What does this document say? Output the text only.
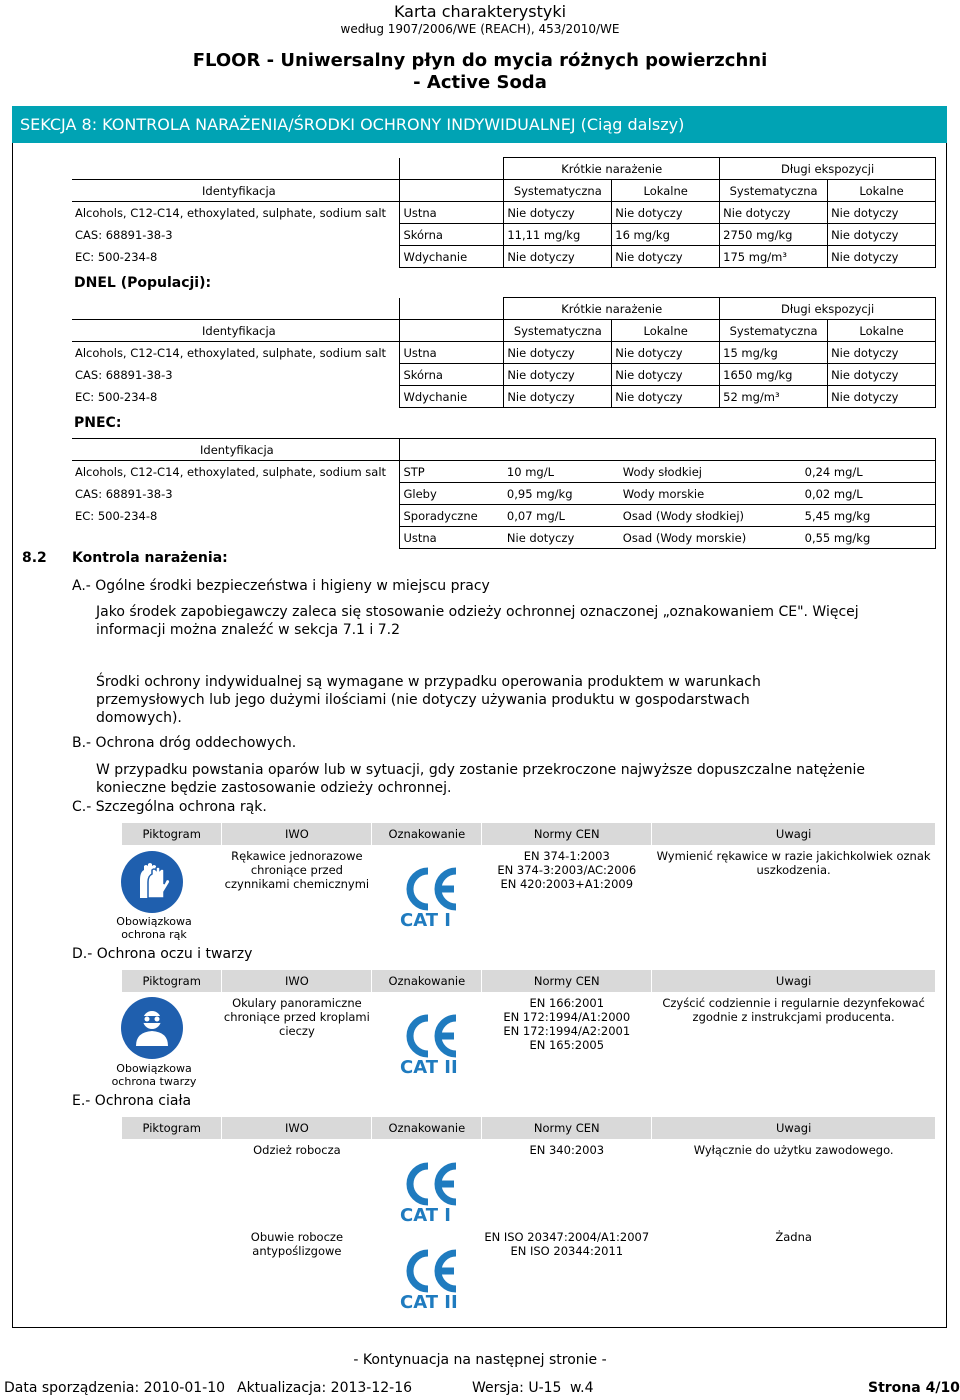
Karta charakterystyki
według 1907/2006/WE (REACH), 453/2010/WE
FLOOR - Uniwersalny płyn do mycia różnych powierzchni
- Active Soda
SEKCJA 8: KONTROLA NARAŻENIA/ŚRODKI OCHRONY INDYWIDUALNEJ (Ciąg dalszy)
		Krótkie narażenie		Długi ekspozycji	
Identyfikacja		Systematyczna	Lokalne	Systematyczna	Lokalne
Alcohols, C12-C14, ethoxylated, sulphate, sodium salt	Ustna	Nie dotyczy	Nie dotyczy	Nie dotyczy	Nie dotyczy
CAS: 68891-38-3	Skórna	11,11 mg/kg	16 mg/kg	2750 mg/kg	Nie dotyczy
EC: 500-234-8	Wdychanie	Nie dotyczy	Nie dotyczy	175 mg/m³	Nie dotyczy
DNEL (Populacji):
		Krótkie narażenie		Długi ekspozycji	
Identyfikacja		Systematyczna	Lokalne	Systematyczna	Lokalne
Alcohols, C12-C14, ethoxylated, sulphate, sodium salt	Ustna	Nie dotyczy	Nie dotyczy	15 mg/kg	Nie dotyczy
CAS: 68891-38-3	Skórna	Nie dotyczy	Nie dotyczy	1650 mg/kg	Nie dotyczy
EC: 500-234-8	Wdychanie	Nie dotyczy	Nie dotyczy	52 mg/m³	Nie dotyczy
PNEC:
Identyfikacja				
Alcohols, C12-C14, ethoxylated, sulphate, sodium salt	STP	10 mg/L	Wody słodkiej	0,24 mg/L
CAS: 68891-38-3	Gleby	0,95 mg/kg	Wody morskie	0,02 mg/L
EC: 500-234-8	Sporadyczne	0,07 mg/L	Osad (Wody słodkiej)	5,45 mg/kg
	Ustna	Nie dotyczy	Osad (Wody morskie)	0,55 mg/kg
8.2 Kontrola narażenia:
A.- Ogólne środki bezpieczeństwa i higieny w miejscu pracy
Jako środek zapobiegawczy zaleca się stosowanie odzieży ochronnej oznaczonej „oznakowaniem CE". Więcej informacji można znaleźć w sekcja 7.1 i 7.2
Środki ochrony indywidualnej są wymagane w przypadku operowania produktem w warunkach przemysłowych lub jego dużymi ilościami (nie dotyczy używania produktu w gospodarstwach domowych).
B.- Ochrona dróg oddechowych.
W przypadku powstania oparów lub w sytuacji, gdy zostanie przekroczone najwyższe dopuszczalne natężenie konieczne będzie zastosowanie odzieży ochronnej.
C.- Szczególna ochrona rąk.
Piktogram	IWO	Oznakowanie	Normy CEN	Uwagi
	Rękawice jednorazowe chroniące przed czynnikami chemicznymi		EN 374-1:2003
EN 374-3:2003/AC:2006
EN 420:2003+A1:2009	Wymienić rękawice w razie jakichkolwiek oznak uszkodzenia.
Obowiązkowa ochrona rąk
CAT I
D.- Ochrona oczu i twarzy
Piktogram	IWO	Oznakowanie	Normy CEN	Uwagi
	Okulary panoramiczne chroniące przed kroplami cieczy		EN 166:2001
EN 172:1994/A1:2000
EN 172:1994/A2:2001
EN 165:2005	Czyścić codziennie i regularnie dezynfekować zgodnie z instrukcjami producenta.
Obowiązkowa ochrona twarzy
CAT II
E.- Ochrona ciała
Piktogram	IWO	Oznakowanie	Normy CEN	Uwagi
	Odzież robocza		EN 340:2003	Wyłącznie do użytku zawodowego.
	Obuwie robocze antypoślizgowe		EN ISO 20347:2004/A1:2007
EN ISO 20344:2011	Żadna
CAT I
CAT II
- Kontynuacja na następnej stronie -
Data sporządzenia: 2010-01-10 Aktualizacja: 2013-12-16	Wersja: U-15 w.4	Strona 4/10
